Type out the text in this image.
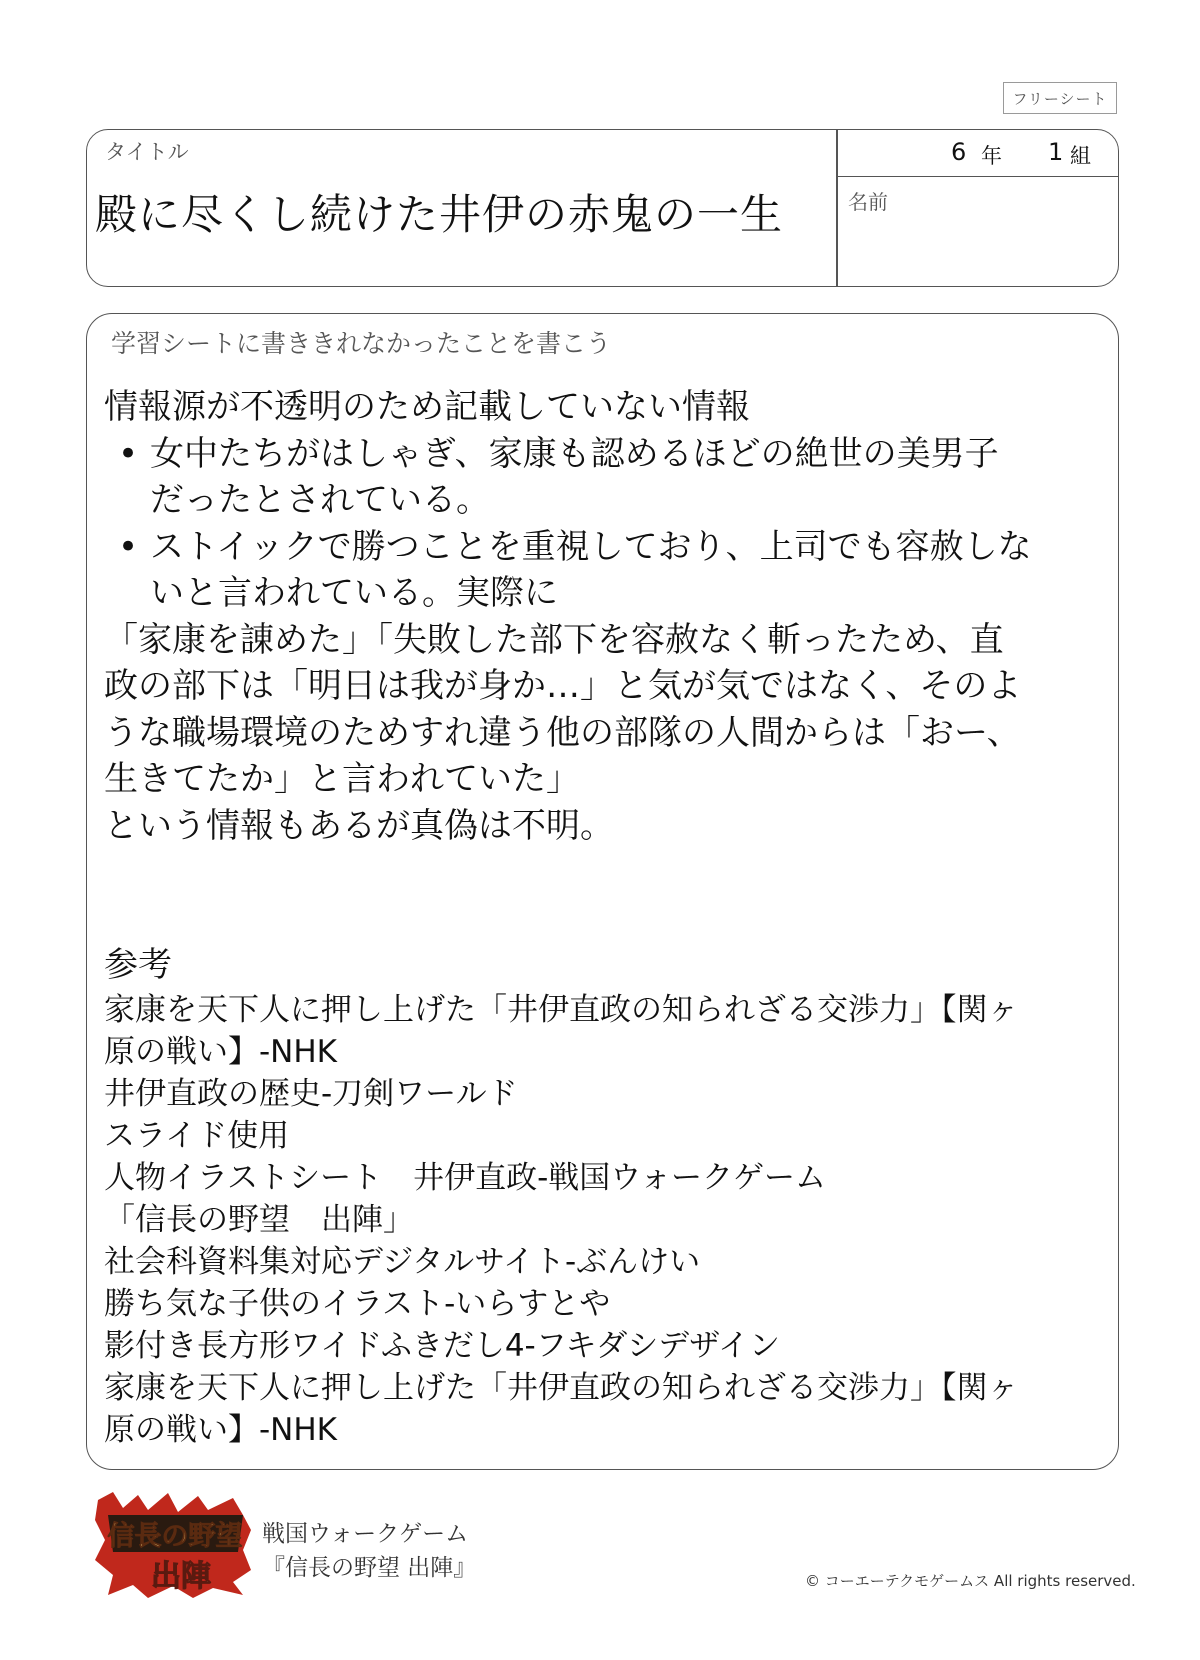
フリーシート
タイトル
殿に尽くし続けた井伊の赤鬼の一生
6 年 1 組
名前
学習シートに書ききれなかったことを書こう
情報源が不透明のため記載していない情報
• 女中たちがはしゃぎ、家康も認めるほどの絶世の美男子
だったとされている。
• ストイックで勝つことを重視しており、上司でも容赦しな
いと言われている。実際に
「家康を諌めた」「失敗した部下を容赦なく斬ったため、直
政の部下は「明日は我が身か…」と気が気ではなく、そのよ
うな職場環境のためすれ違う他の部隊の人間からは「おー、
生きてたか」と言われていた」
という情報もあるが真偽は不明。
参考
家康を天下人に押し上げた「井伊直政の知られざる交渉力」【関ヶ
原の戦い】-NHK
井伊直政の歴史-刀剣ワールド
スライド使用
人物イラストシート　井伊直政-戦国ウォークゲーム
「信長の野望　出陣」
社会科資料集対応デジタルサイト-ぶんけい
勝ち気な子供のイラスト-いらすとや
影付き長方形ワイドふきだし4-フキダシデザイン
家康を天下人に押し上げた「井伊直政の知られざる交渉力」【関ヶ
原の戦い】-NHK
信長の野望
出陣
戦国ウォークゲーム
『信長の野望 出陣』	© コーエーテクモゲームス All rights reserved.
